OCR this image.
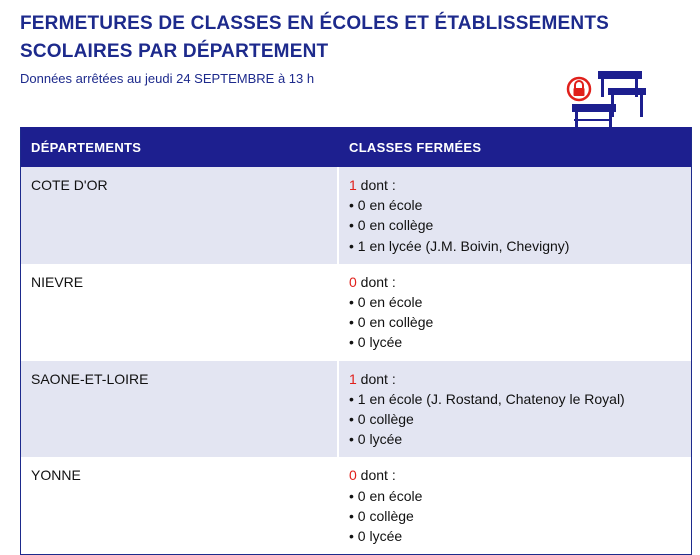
FERMETURES DE CLASSES EN ÉCOLES ET ÉTABLISSEMENTS
SCOLAIRES PAR DÉPARTEMENT
Données arrêtées au jeudi 24 SEPTEMBRE à 13 h
DÉPARTEMENTS	CLASSES FERMÉES
COTE D'OR	1 dont :
• 0 en école
• 0 en collège
• 1 en lycée (J.M. Boivin, Chevigny)
NIEVRE	0 dont :
• 0 en école
• 0 en collège
• 0 lycée
SAONE-ET-LOIRE	1 dont :
• 1 en école (J. Rostand, Chatenoy le Royal)
• 0 collège
• 0 lycée
YONNE	0 dont :
• 0 en école
• 0 collège
• 0 lycée
